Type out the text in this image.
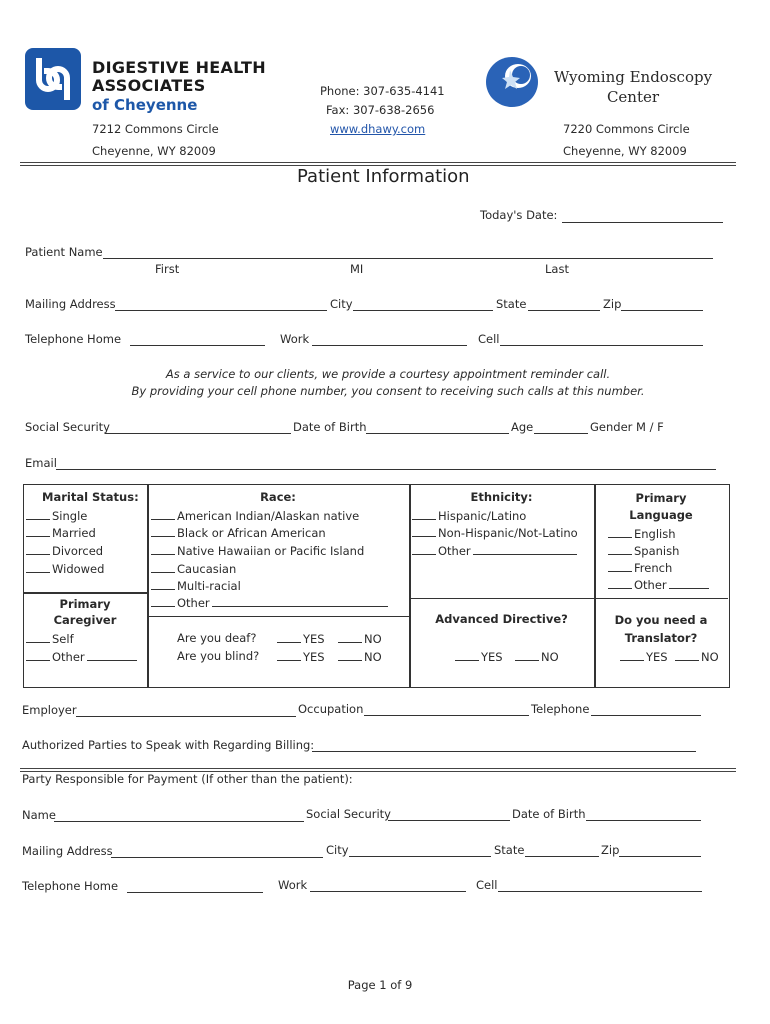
DIGESTIVE HEALTH
ASSOCIATES
of Cheyenne
7212 Commons Circle
Cheyenne, WY 82009
Phone: 307-635-4141
Fax: 307-638-2656
www.dhawy.com
Wyoming Endoscopy
Center
7220 Commons Circle
Cheyenne, WY 82009
Patient Information
Today's Date:
Patient Name
First	MI	Last
Mailing Address	City	State	Zip
Telephone Home	Work	Cell
As a service to our clients, we provide a courtesy appointment reminder call.
By providing your cell phone number, you consent to receiving such calls at this number.
Social Security	Date of Birth	Age	Gender M / F
Email
Marital Status:
Single
Married
Divorced
Widowed
Primary
Caregiver
Self
Other
Race:
American Indian/Alaskan native
Black or African American
Native Hawaiian or Pacific Island
Caucasian
Multi-racial
Other
Are you deaf?	YES	NO
Are you blind?	YES	NO
Ethnicity:
Hispanic/Latino
Non-Hispanic/Not-Latino
Other
Advanced Directive?
YES	NO
Primary
Language
English
Spanish
French
Other
Do you need a
Translator?
YES	NO
Employer	Occupation	Telephone
Authorized Parties to Speak with Regarding Billing:
Party Responsible for Payment (If other than the patient):
Name	Social Security	Date of Birth
Mailing Address	City	State	Zip
Telephone Home	Work	Cell
Page 1 of 9
